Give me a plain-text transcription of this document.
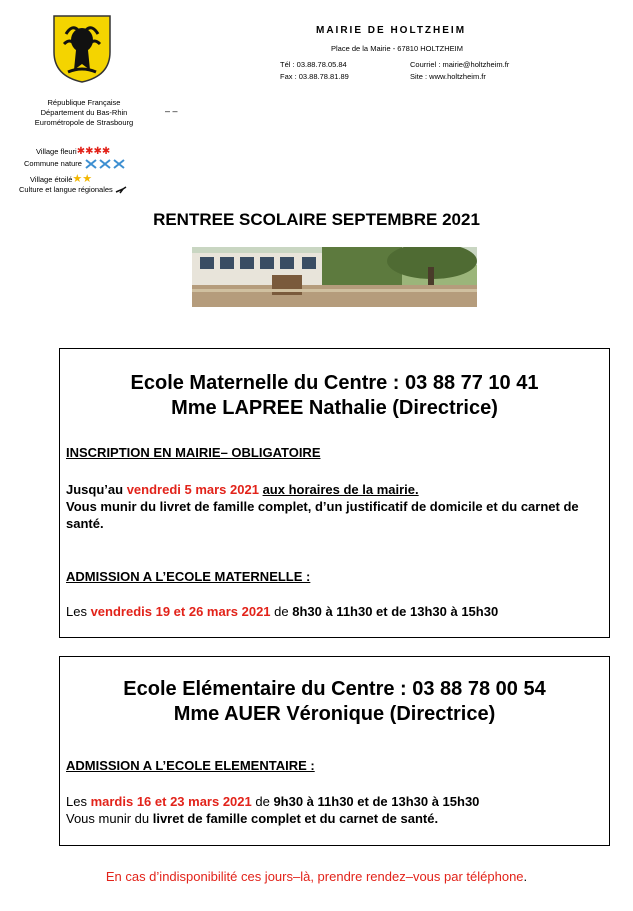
MAIRIE DE HOLTZHEIM
Place de la Mairie - 67810 HOLTZHEIM
Tél : 03.88.78.05.84
Fax : 03.88.78.81.89
Courriel : mairie@holtzheim.fr
Site : www.holtzheim.fr
République Française
Département du Bas-Rhin
Eurométropole de Strasbourg
– –
Village fleuri✱✱✱✱
Commune nature
Village étoilé★★
Culture et langue régionales
RENTREE SCOLAIRE SEPTEMBRE 2021
Ecole Maternelle du Centre : 03 88 77 10 41
Mme LAPREE Nathalie (Directrice)
INSCRIPTION EN MAIRIE– OBLIGATOIRE
Jusqu’au vendredi 5 mars 2021 aux horaires de la mairie.
Vous munir du livret de famille complet, d’un justificatif de domicile et du carnet de santé.
ADMISSION A L’ECOLE MATERNELLE :
Les vendredis 19 et 26 mars 2021 de 8h30 à 11h30 et de 13h30 à 15h30
Ecole Elémentaire du Centre : 03 88 78 00 54
Mme AUER Véronique (Directrice)
ADMISSION A L’ECOLE ELEMENTAIRE :
Les mardis 16 et 23 mars 2021 de 9h30 à 11h30 et de 13h30 à 15h30
Vous munir du livret de famille complet et du carnet de santé.
En cas d’indisponibilité ces jours–là, prendre rendez–vous par téléphone.
